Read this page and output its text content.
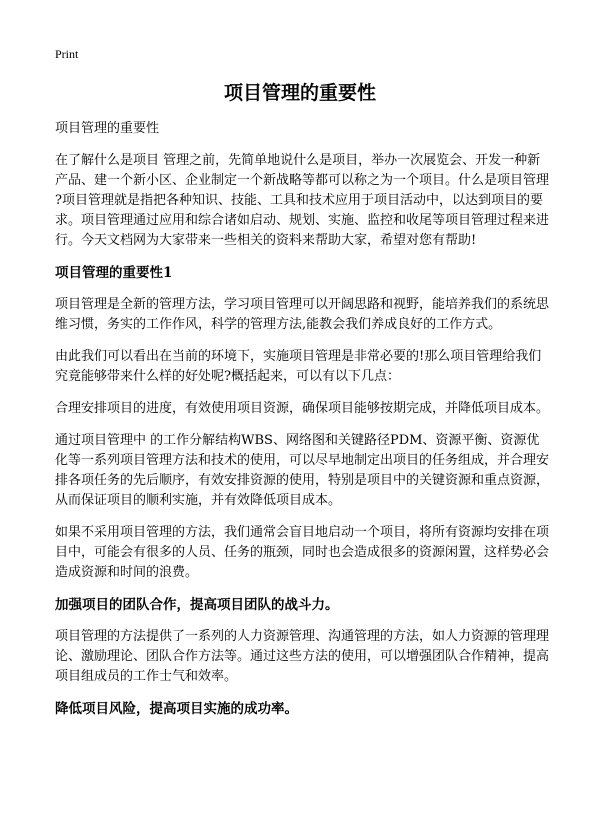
Print
项目管理的重要性

项目管理的重要性

在了解什么是项目 管理之前，先简单地说什么是项目，举办一次展览会、开发一种新产品、建一个新小区、企业制定一个新战略等都可以称之为一个项目。什么是项目管理 ?项目管理就是指把各种知识、技能、工具和技术应用于项目活动中，以达到项目的要求。项目管理通过应用和综合诸如启动、规划、实施、监控和收尾等项目管理过程来进行。今天文档网为大家带来一些相关的资料来帮助大家，希望对您有帮助!

项目管理的重要性1

项目管理是全新的管理方法，学习项目管理可以开阔思路和视野，能培养我们的系统思维习惯，务实的工作作风，科学的管理方法,能教会我们养成良好的工作方式。

由此我们可以看出在当前的环境下，实施项目管理是非常必要的!那么项目管理给我们究竟能够带来什么样的好处呢?概括起来，可以有以下几点：

合理安排项目的进度，有效使用项目资源，确保项目能够按期完成，并降低项目成本。

通过项目管理中 的工作分解结构WBS、网络图和关键路径PDM、资源平衡、资源优化等一系列项目管理方法和技术的使用，可以尽早地制定出项目的任务组成，并合理安排各项任务的先后顺序，有效安排资源的使用，特别是项目中的关键资源和重点资源，从而保证项目的顺利实施，并有效降低项目成本。

如果不采用项目管理的方法，我们通常会盲目地启动一个项目，将所有资源均安排在项目中，可能会有很多的人员、任务的瓶颈，同时也会造成很多的资源闲置，这样势必会造成资源和时间的浪费。

加强项目的团队合作，提高项目团队的战斗力。

项目管理的方法提供了一系列的人力资源管理、沟通管理的方法，如人力资源的管理理论、激励理论、团队合作方法等。通过这些方法的使用，可以增强团队合作精神，提高项目组成员的工作士气和效率。

降低项目风险，提高项目实施的成功率。
